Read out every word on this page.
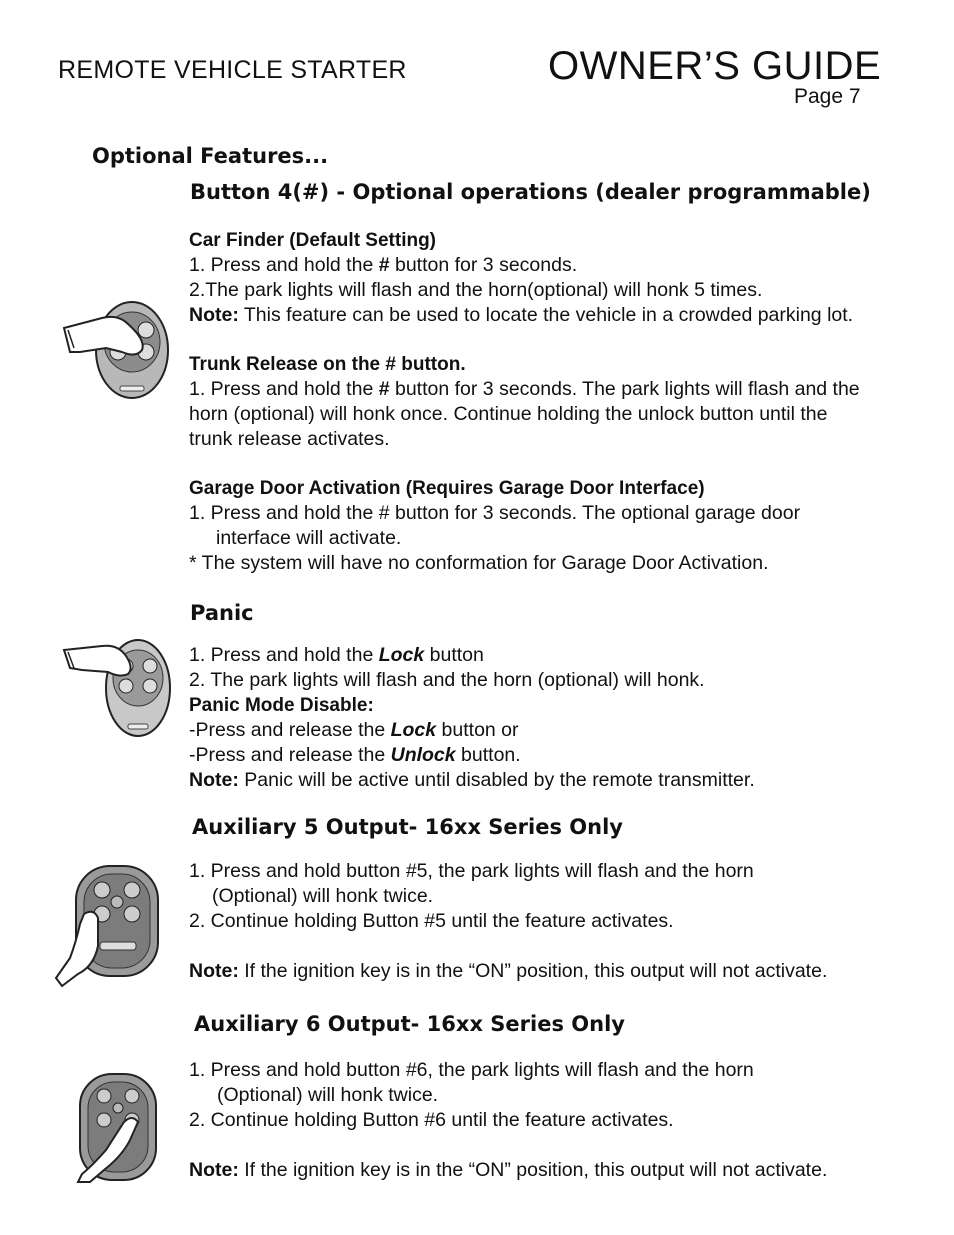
REMOTE VEHICLE STARTER	OWNER’S GUIDE
Page 7
Optional Features...
Button 4(#) - Optional operations (dealer programmable)

Car Finder (Default Setting)

1. Press and hold the # button for 3 seconds.

2.The park lights will flash and the horn(optional) will honk 5 times.

Note: This feature can be used to locate the vehicle in a crowded parking lot.

Trunk Release on the # button.

1. Press and hold the # button for 3 seconds. The park lights will flash and the

horn (optional) will honk once. Continue holding the unlock button until the

trunk release activates.

Garage Door Activation (Requires Garage Door Interface)

1. Press and hold the # button for 3 seconds. The optional garage door

interface will activate.

* The system will have no conformation for Garage Door Activation.

Panic

1. Press and hold the Lock button

2. The park lights will flash and the horn (optional) will honk.

Panic Mode Disable:

-Press and release the Lock button or

-Press and release the Unlock button.

Note: Panic will be active until disabled by the remote transmitter.

Auxiliary 5 Output- 16xx Series Only

1. Press and hold button #5, the park lights will flash and the horn

(Optional) will honk twice.

2. Continue holding Button #5 until the feature activates.

Note: If the ignition key is in the “ON” position, this output will not activate.

Auxiliary 6 Output- 16xx Series Only

1. Press and hold button #6, the park lights will flash and the horn

(Optional) will honk twice.

2. Continue holding Button #6 until the feature activates.

Note: If the ignition key is in the “ON” position, this output will not activate.
